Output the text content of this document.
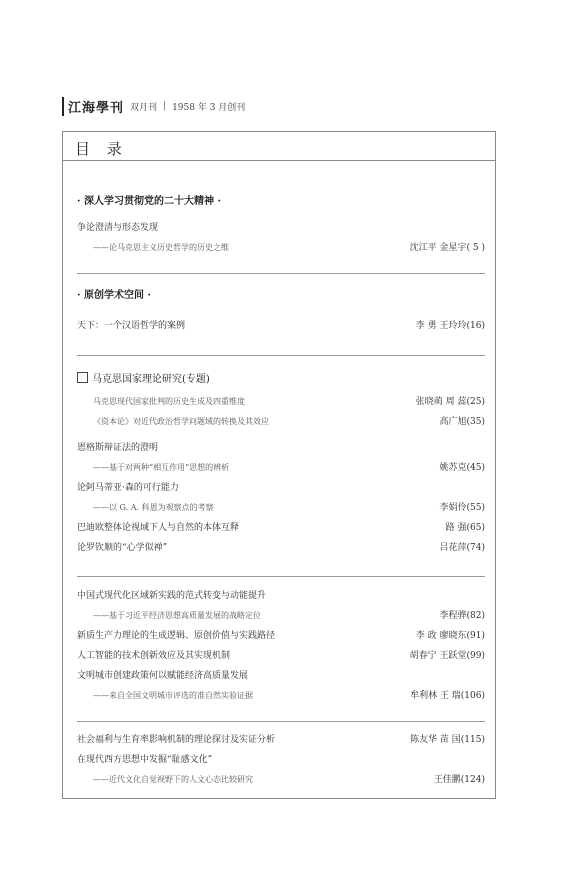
江海學刊 双月刊 | 1958 年 3 月创刊
目 录
· 深人学习贯彻党的二十大精神 ·
争论澄清与形态发现
——论马克思主义历史哲学的历史之维	沈江平 金星宇( 5 )
· 原创学术空间 ·
天下：一个汉语哲学的案例	李 勇 王玲玲(16)
马克思国家理论研究(专题)
马克思现代国家批判的历史生成及四重维度	张晓萌 周 蕊(25)
《资本论》对近代政治哲学问题域的转换及其效应	高广旭(35)
恩格斯辩证法的澄明
——基于对两种“相互作用”思想的辨析	姚苏克(45)
论阿马蒂亚·森的可行能力
——以 G. A. 科恩为观察点的考察	李娟伶(55)
巴迪欧整体论视域下人与自然的本体互释	路 强(65)
论罗钦顺的“心学似禅”	吕花萍(74)
中国式现代化区域新实践的范式转变与动能提升
——基于习近平经济思想高质量发展的战略定位	李程骅(82)
新质生产力理论的生成逻辑、原创价值与实践路径	李 政 廖晓东(91)
人工智能的技术创新效应及其实现机制	胡春宁 王跃堂(99)
文明城市创建政策何以赋能经济高质量发展
——来自全国文明城市评选的准自然实验证据	牟利林 王 瑞(106)
社会福利与生育率影响机制的理论探讨及实证分析	陈友华 苗 国(115)
在现代西方思想中发掘“耻感文化”
——近代文化自觉视野下的人文心态比较研究	王佳鹏(124)
